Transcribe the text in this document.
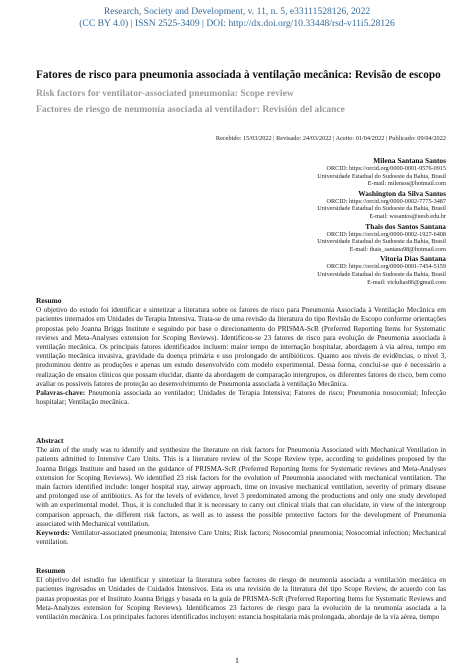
Research, Society and Development, v. 11, n. 5, e33111528126, 2022
(CC BY 4.0) | ISSN 2525-3409 | DOI: http://dx.doi.org/10.33448/rsd-v11i5.28126
Fatores de risco para pneumonia associada à ventilação mecânica: Revisão de escopo
Risk factors for ventilator-associated pneumonia: Scope review
Factores de riesgo de neumonía asociada al ventilador: Revisión del alcance
Recebido: 15/03/2022 | Revisado: 24/03/2022 | Aceito: 01/04/2022 | Publicado: 09/04/2022
Milena Santana Santos
ORCID: https://orcid.org/0000-0001-9576-0915
Universidade Estadual do Sudoeste da Bahia, Brasil
E-mail: milensss@hotmail.com
Washington da Silva Santos
ORCID: https://orcid.org/0000-0002-7775-3487
Universidade Estadual do Sudoeste da Bahia, Brasil
E-mail: wssantos@uesb.edu.br
Thais dos Santos Santana
ORCID: https://orcid.org/0000-0002-1927-6408
Universidade Estadual do Sudoeste da Bahia, Brasil
E-mail: thais_santana98@hotmail.com
Vitoria Dias Santana
ORCID: https://orcid.org/0000-0001-7454-5159
Universidade Estadual do Sudoeste da Bahia, Brasil
E-mail: vickdias86@gmail.com
Resumo

O objetivo do estudo foi identificar e sintetizar a literatura sobre os fatores de risco para Pneumonia Associada à Ventilação Mecânica em pacientes internados em Unidades de Terapia Intensiva. Trata-se de uma revisão da literatura do tipo Revisão de Escopo conforme orientações propostas pelo Joanna Briggs Institute e seguindo por base o direcionamento do PRISMA-ScR (Preferred Reporting Items for Systematic reviews and Meta-Analyses extension for Scoping Reviews). Identificou-se 23 fatores de risco para evolução de Pneumonia associada à ventilação mecânica. Os principais fatores identificados incluem: maior tempo de internação hospitalar, abordagem à via aérea, tempo em ventilação mecânica invasiva, gravidade da doença primária e uso prolongado de antibióticos. Quanto aos níveis de evidências, o nível 3, predominou dentre as produções e apenas um estudo desenvolvido com modelo experimental. Dessa forma, conclui-se que é necessário a realização de ensaios clínicos que possam elucidar, diante da abordagem de comparação intergrupos, os diferentes fatores de risco, bem como avaliar os possíveis fatores de proteção ao desenvolvimento de Pneumonia associada à ventilação Mecânica.

Palavras-chave: Pneumonia associada ao ventilador; Unidades de Terapia Intensiva; Fatores de risco; Pneumonia nosocomial; Infecção hospitalar; Ventilação mecânica.

Abstract

The aim of the study was to identify and synthesize the literature on risk factors for Pneumonia Associated with Mechanical Ventilation in patients admitted to Intensive Care Units. This is a literature review of the Scope Review type, according to guidelines proposed by the Joanna Briggs Institute and based on the guidance of PRISMA-ScR (Preferred Reporting Items for Systematic reviews and Meta-Analyses extension for Scoping Reviews). We identified 23 risk factors for the evolution of Pneumonia associated with mechanical ventilation. The main factors identified include: longer hospital stay, airway approach, time on invasive mechanical ventilation, severity of primary disease and prolonged use of antibiotics. As for the levels of evidence, level 3 predominated among the productions and only one study developed with an experimental model. Thus, it is concluded that it is necessary to carry out clinical trials that can elucidate, in view of the intergroup comparison approach, the different risk factors, as well as to assess the possible protective factors for the development of Pneumonia associated with Mechanical ventilation.

Keywords: Ventilator-associated pneumonia; Intensive Care Units; Risk factors; Nosocomial pneumonia; Nosocomial infection; Mechanical ventilation.

Resumen

El objetivo del estudio fue identificar y sintetizar la literatura sobre factores de riesgo de neumonía asociada a ventilación mecánica en pacientes ingresados en Unidades de Cuidados Intensivos. Esta es una revisión de la literatura del tipo Scope Review, de acuerdo con las pautas propuestas por el Instituto Joanna Briggs y basada en la guía de PRISMA-ScR (Preferred Reporting Items for Systematic Reviews and Meta-Analyzes extension for Scoping Reviews). Identificamos 23 factores de riesgo para la evolución de la neumonía asociada a la ventilación mecánica. Los principales factores identificados incluyen: estancia hospitalaria más prolongada, abordaje de la vía aérea, tiempo

1
